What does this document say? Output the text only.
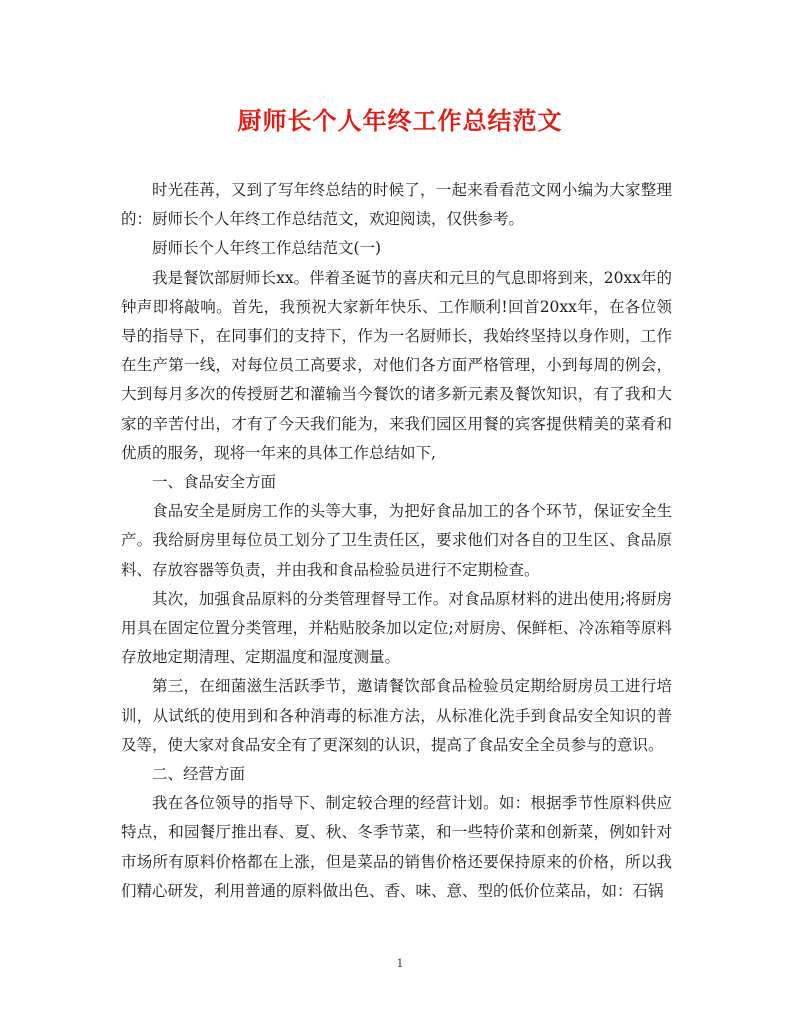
厨师长个人年终工作总结范文

时光荏苒，又到了写年终总结的时候了，一起来看看范文网小编为大家整理的：厨师长个人年终工作总结范文，欢迎阅读，仅供参考。

厨师长个人年终工作总结范文(一)

我是餐饮部厨师长xx。伴着圣诞节的喜庆和元旦的气息即将到来，20xx年的钟声即将敲响。首先，我预祝大家新年快乐、工作顺利!回首20xx年，在各位领导的指导下，在同事们的支持下，作为一名厨师长，我始终坚持以身作则，工作在生产第一线，对每位员工高要求，对他们各方面严格管理，小到每周的例会，大到每月多次的传授厨艺和灌输当今餐饮的诸多新元素及餐饮知识，有了我和大家的辛苦付出，才有了今天我们能为，来我们园区用餐的宾客提供精美的菜肴和优质的服务，现将一年来的具体工作总结如下,

一、食品安全方面

食品安全是厨房工作的头等大事，为把好食品加工的各个环节，保证安全生产。我给厨房里每位员工划分了卫生责任区，要求他们对各自的卫生区、食品原料、存放容器等负责，并由我和食品检验员进行不定期检查。

其次，加强食品原料的分类管理督导工作。对食品原材料的进出使用;将厨房用具在固定位置分类管理，并粘贴胶条加以定位;对厨房、保鲜柜、冷冻箱等原料存放地定期清理、定期温度和湿度测量。

第三，在细菌滋生活跃季节，邀请餐饮部食品检验员定期给厨房员工进行培训，从试纸的使用到和各种消毒的标准方法，从标准化洗手到食品安全知识的普及等，使大家对食品安全有了更深刻的认识，提高了食品安全全员参与的意识。

二、经营方面

我在各位领导的指导下、制定较合理的经营计划。如：根据季节性原料供应特点，和园餐厅推出春、夏、秋、冬季节菜，和一些特价菜和创新菜，例如针对市场所有原料价格都在上涨，但是菜品的销售价格还要保持原来的价格，所以我们精心研发，利用普通的原料做出色、香、味、意、型的低价位菜品，如：石锅

1
